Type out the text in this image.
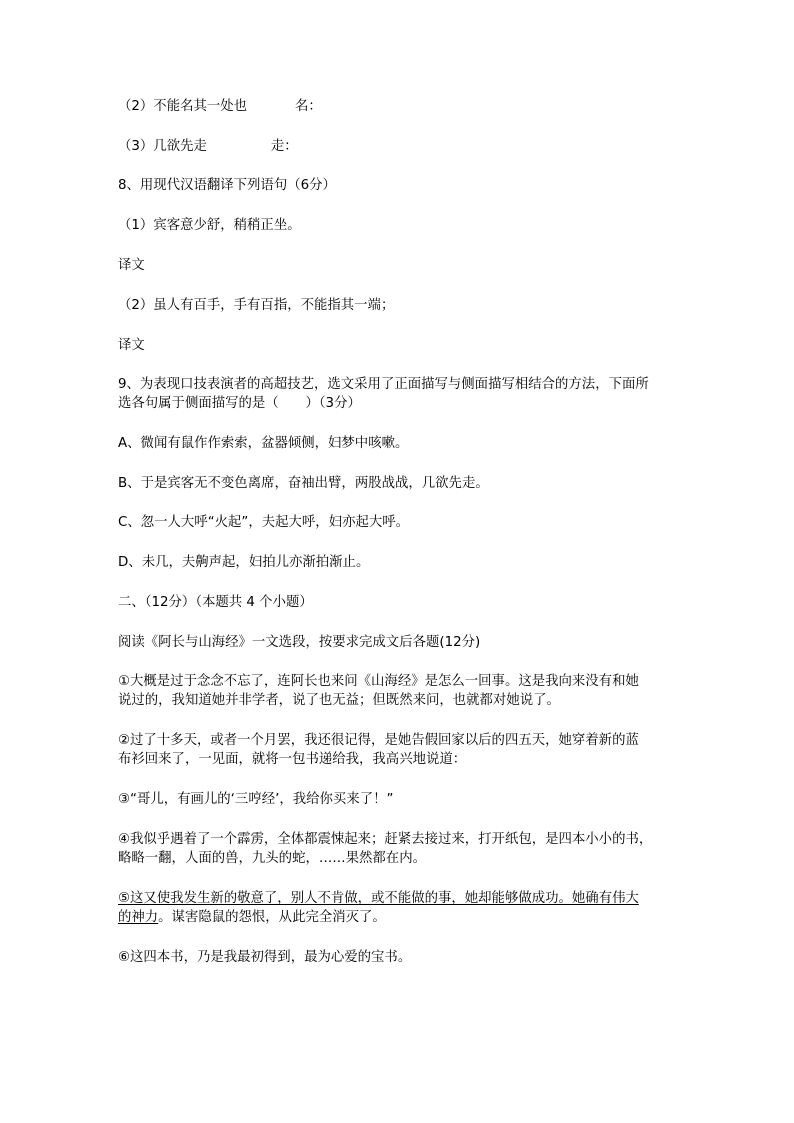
（2）不能名其一处也	名：
（3）几欲先走	走：
8、用现代汉语翻译下列语句（6分）
（1）宾客意少舒，稍稍正坐。
译文
（2）虽人有百手，手有百指，不能指其一端；
译文
9、为表现口技表演者的高超技艺，选文采用了正面描写与侧面描写相结合的方法，下面所
选各句属于侧面描写的是（　　）（3分）
A、微闻有鼠作作索索，盆器倾侧，妇梦中咳嗽。
B、于是宾客无不变色离席，奋袖出臂，两股战战，几欲先走。
C、忽一人大呼“火起”，夫起大呼，妇亦起大呼。
D、未几，夫齁声起，妇拍儿亦渐拍渐止。
二、（12分）（本题共 4 个小题）
阅读《阿长与山海经》一文选段，按要求完成文后各题(12分)
①大概是过于念念不忘了，连阿长也来问《山海经》是怎么一回事。这是我向来没有和她
说过的，我知道她并非学者，说了也无益；但既然来问，也就都对她说了。
②过了十多天，或者一个月罢，我还很记得，是她告假回家以后的四五天，她穿着新的蓝
布衫回来了，一见面，就将一包书递给我，我高兴地说道：
③“哥儿，有画儿的‘三哼经’，我给你买来了！”
④我似乎遇着了一个霹雳，全体都震悚起来；赶紧去接过来，打开纸包，是四本小小的书，
略略一翻，人面的兽，九头的蛇，……果然都在内。
⑤这又使我发生新的敬意了，别人不肯做，或不能做的事，她却能够做成功。她确有伟大
的神力。谋害隐鼠的怨恨，从此完全消灭了。
⑥这四本书，乃是我最初得到，最为心爱的宝书。
